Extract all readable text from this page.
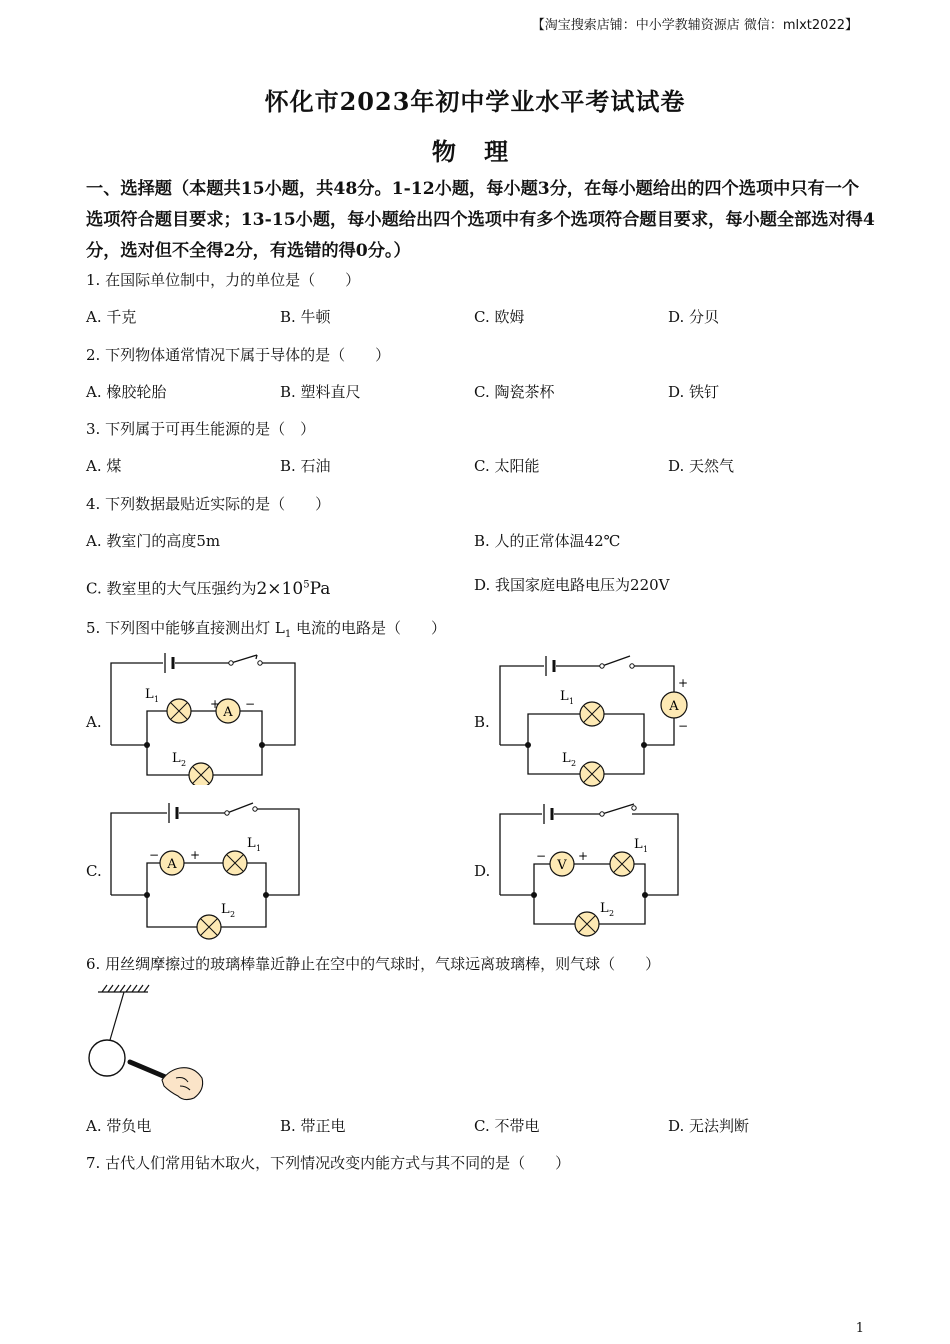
【淘宝搜索店铺：中小学教辅资源店 微信：mlxt2022】
怀化市2023年初中学业水平考试试卷
物 理
一、选择题（本题共15小题，共48分。1-12小题，每小题3分，在每小题给出的四个选项中只有一个选项符合题目要求；13-15小题，每小题给出四个选项中有多个选项符合题目要求，每小题全部选对得4分，选对但不全得2分，有选错的得0分。）
1. 在国际单位制中，力的单位是（　　）
A. 千克	B. 牛顿	C. 欧姆	D. 分贝
2. 下列物体通常情况下属于导体的是（　　）
A. 橡胶轮胎	B. 塑料直尺	C. 陶瓷茶杯	D. 铁钉
3. 下列属于可再生能源的是（　）
A. 煤	B. 石油	C. 太阳能	D. 天然气
4. 下列数据最贴近实际的是（　　）
A. 教室门的高度5m	B. 人的正常体温42℃
C. 教室里的大气压强约为$2\times 10^5Pa$	D. 我国家庭电路电压为220V
5. 下列图中能够直接测出灯 $L_1$ 电流的电路是（　　）
A.	B.
C.	D.
A
+ −
L 1
L 2
A
+
−
L 1
L 2
A
−	+
L 1
L 2
V
−	+
L 1
L 2
6. 用丝绸摩擦过的玻璃棒靠近静止在空中的气球时，气球远离玻璃棒，则气球（　　）
A. 带负电	B. 带正电	C. 不带电	D. 无法判断
7. 古代人们常用钻木取火，下列情况改变内能方式与其不同的是（　　）
1
